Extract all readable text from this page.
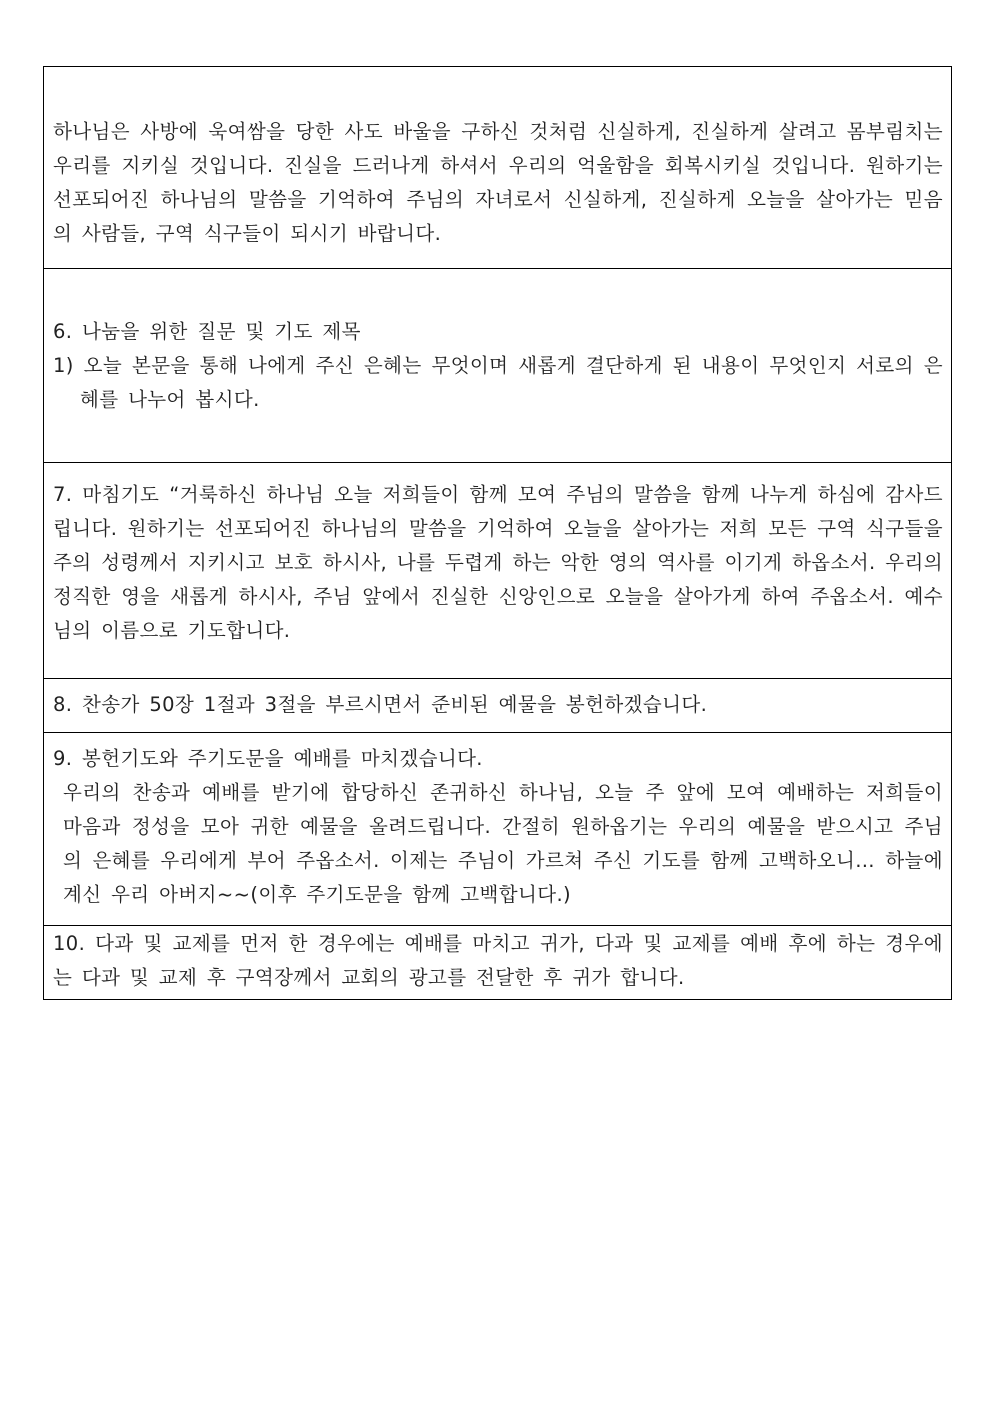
하나님은 사방에 욱여쌈을 당한 사도 바울을 구하신 것처럼 신실하게, 진실하게 살려고 몸부림치는 우리를 지키실 것입니다. 진실을 드러나게 하셔서 우리의 억울함을 회복시키실 것입니다. 원하기는 선포되어진 하나님의 말씀을 기억하여 주님의 자녀로서 신실하게, 진실하게 오늘을 살아가는 믿음의 사람들, 구역 식구들이 되시기 바랍니다.

6. 나눔을 위한 질문 및 기도 제목

1) 오늘 본문을 통해 나에게 주신 은혜는 무엇이며 새롭게 결단하게 된 내용이 무엇인지 서로의 은혜를 나누어 봅시다.

7. 마침기도 “거룩하신 하나님 오늘 저희들이 함께 모여 주님의 말씀을 함께 나누게 하심에 감사드립니다. 원하기는 선포되어진 하나님의 말씀을 기억하여 오늘을 살아가는 저희 모든 구역 식구들을 주의 성령께서 지키시고 보호 하시사, 나를 두렵게 하는 악한 영의 역사를 이기게 하옵소서. 우리의 정직한 영을 새롭게 하시사, 주님 앞에서 진실한 신앙인으로 오늘을 살아가게 하여 주옵소서. 예수님의 이름으로 기도합니다.

8. 찬송가 50장 1절과 3절을 부르시면서 준비된 예물을 봉헌하겠습니다.

9. 봉헌기도와 주기도문을 예배를 마치겠습니다.

우리의 찬송과 예배를 받기에 합당하신 존귀하신 하나님, 오늘 주 앞에 모여 예배하는 저희들이 마음과 정성을 모아 귀한 예물을 올려드립니다. 간절히 원하옵기는 우리의 예물을 받으시고 주님의 은혜를 우리에게 부어 주옵소서. 이제는 주님이 가르쳐 주신 기도를 함께 고백하오니… 하늘에 계신 우리 아버지~~(이후 주기도문을 함께 고백합니다.)

10. 다과 및 교제를 먼저 한 경우에는 예배를 마치고 귀가, 다과 및 교제를 예배 후에 하는 경우에는 다과 및 교제 후 구역장께서 교회의 광고를 전달한 후 귀가 합니다.
